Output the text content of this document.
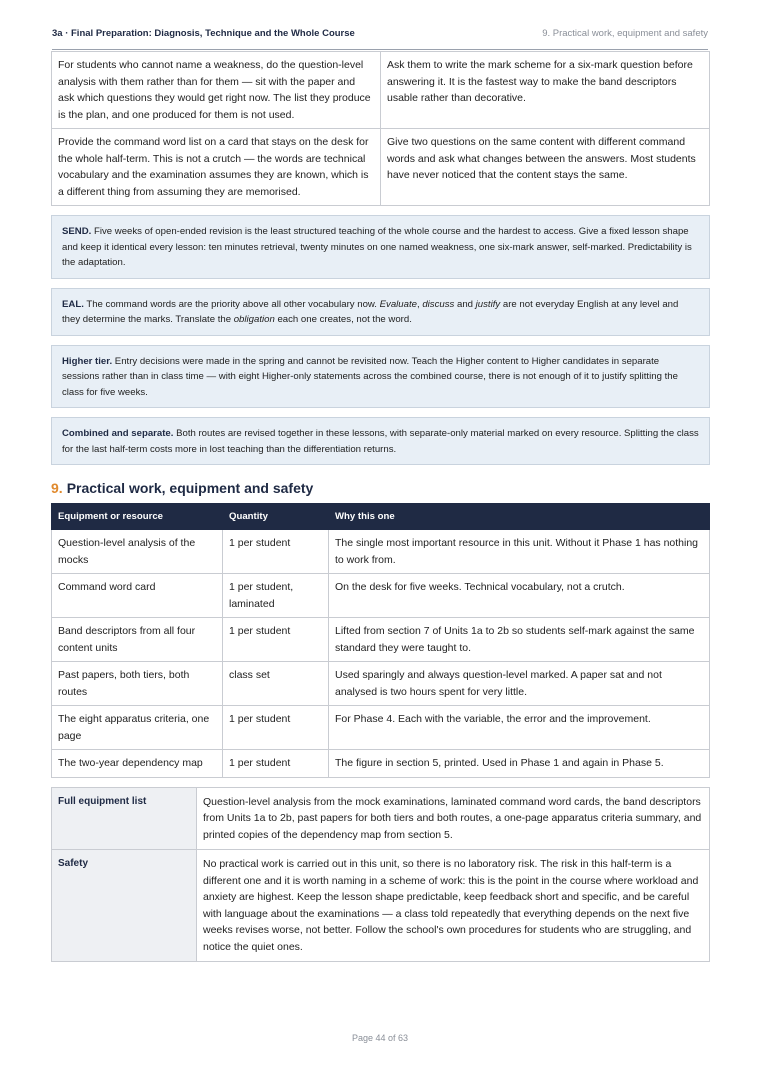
3a · Final Preparation: Diagnosis, Technique and the Whole Course	9. Practical work, equipment and safety
For students who cannot name a weakness, do the question-level analysis with them rather than for them — sit with the paper and ask which questions they would get right now. The list they produce is the plan, and one produced for them is not used.	Ask them to write the mark scheme for a six-mark question before answering it. It is the fastest way to make the band descriptors usable rather than decorative.
Provide the command word list on a card that stays on the desk for the whole half-term. This is not a crutch — the words are technical vocabulary and the examination assumes they are known, which is a different thing from assuming they are memorised.	Give two questions on the same content with different command words and ask what changes between the answers. Most students have never noticed that the content stays the same.
SEND. Five weeks of open-ended revision is the least structured teaching of the whole course and the hardest to access. Give a fixed lesson shape and keep it identical every lesson: ten minutes retrieval, twenty minutes on one named weakness, one six-mark answer, self-marked. Predictability is the adaptation.
EAL. The command words are the priority above all other vocabulary now. Evaluate, discuss and justify are not everyday English at any level and they determine the marks. Translate the obligation each one creates, not the word.
Higher tier. Entry decisions were made in the spring and cannot be revisited now. Teach the Higher content to Higher candidates in separate sessions rather than in class time — with eight Higher-only statements across the combined course, there is not enough of it to justify splitting the class for five weeks.
Combined and separate. Both routes are revised together in these lessons, with separate-only material marked on every resource. Splitting the class for the last half-term costs more in lost teaching than the differentiation returns.
9. Practical work, equipment and safety
Equipment or resource	Quantity	Why this one
Question-level analysis of the mocks	1 per student	The single most important resource in this unit. Without it Phase 1 has nothing to work from.
Command word card	1 per student, laminated	On the desk for five weeks. Technical vocabulary, not a crutch.
Band descriptors from all four content units	1 per student	Lifted from section 7 of Units 1a to 2b so students self-mark against the same standard they were taught to.
Past papers, both tiers, both routes	class set	Used sparingly and always question-level marked. A paper sat and not analysed is two hours spent for very little.
The eight apparatus criteria, one page	1 per student	For Phase 4. Each with the variable, the error and the improvement.
The two-year dependency map	1 per student	The figure in section 5, printed. Used in Phase 1 and again in Phase 5.
Full equipment list	Question-level analysis from the mock examinations, laminated command word cards, the band descriptors from Units 1a to 2b, past papers for both tiers and both routes, a one-page apparatus criteria summary, and printed copies of the dependency map from section 5.
Safety	No practical work is carried out in this unit, so there is no laboratory risk. The risk in this half-term is a different one and it is worth naming in a scheme of work: this is the point in the course where workload and anxiety are highest. Keep the lesson shape predictable, keep feedback short and specific, and be careful with language about the examinations — a class told repeatedly that everything depends on the next five weeks revises worse, not better. Follow the school's own procedures for students who are struggling, and notice the quiet ones.
Page 44 of 63
